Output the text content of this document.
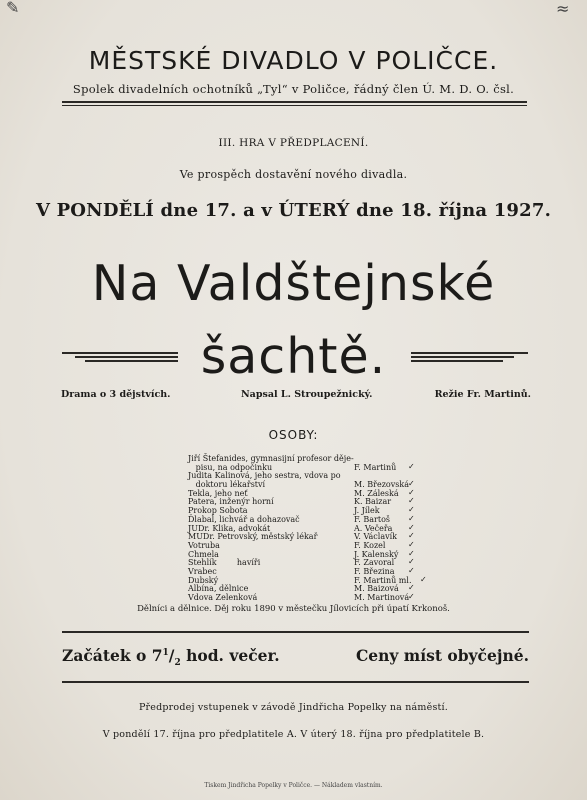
✎	≈
MĚSTSKÉ DIVADLO V POLIČCE.
Spolek divadelních ochotníků „Tyl“ v Poličce, řádný člen Ú. M. D. O. čsl.
III. HRA V PŘEDPLACENÍ.
Ve prospěch dostavění nového divadla.
V PONDĚLÍ dne 17. a v ÚTERÝ dne 18. října 1927.
Na Valdštejnské
šachtě.
Drama o 3 dějstvích.	Napsal L. Stroupežnický.	Režie Fr. Martinů.
OSOBY:
Jiří Štefanides, gymnasijní profesor děje-
pisu, na odpočinku	F. Martinů ✓
Judita Kalinová, jeho sestra, vdova po
doktoru lékařství	M. Březovská ✓
Tekla, jeho neť	M. Záleská ✓
Patera, inženýr horní	K. Baizar ✓
Prokop Sobota	J. Jílek	✓
Ďlabal, lichvář a dohazovač	F. Bartoš ✓
JUDr. Klika, advokát	A. Večeřa ✓
MUDr. Petrovský, městský lékař	V. Václavík ✓
Votruba	F. Kozel	✓
Chmela	J. Kalenský ✓
Stehlík        havíři	F. Zavoral ✓
Vrabec	F. Březina ✓
Dubský	F. Martinů ml. ✓
Albína, dělnice	M. Baizová ✓
Vdova Zelenková	M. Martinová
✓
Dělníci a dělnice. Děj roku 1890 v městečku Jílovicích při úpatí Krkonoš.
Začátek o $7^1/_2$ hod. večer.	Ceny míst obyčejné.
Předprodej vstupenek v závodě Jindřicha Popelky na náměstí.
V pondělí 17. října pro předplatitele A. V úterý 18. října pro předplatitele B.
Tiskem Jindřicha Popelky v Poličce. — Nákladem vlastním.
